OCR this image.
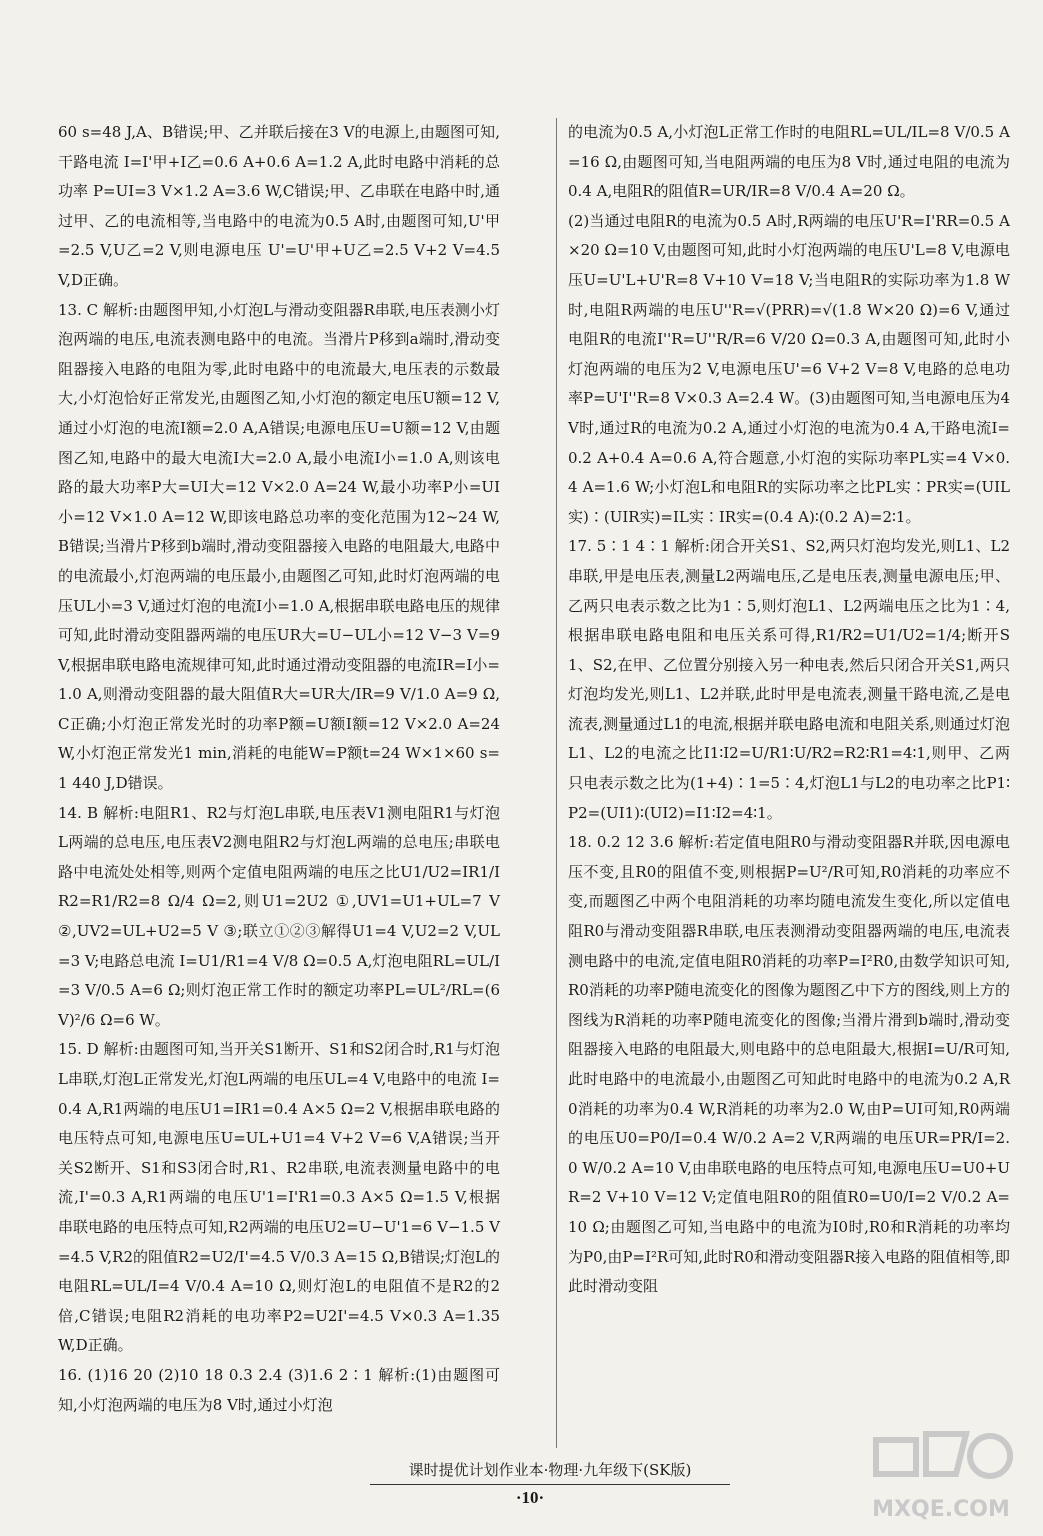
60 s=48 J,A、B错误;甲、乙并联后接在3 V的电源上,由题图可知,干路电流 I=I'甲+I乙=0.6 A+0.6 A=1.2 A,此时电路中消耗的总功率 P=UI=3 V×1.2 A=3.6 W,C错误;甲、乙串联在电路中时,通过甲、乙的电流相等,当电路中的电流为0.5 A时,由题图可知,U'甲=2.5 V,U乙=2 V,则电源电压 U'=U'甲+U乙=2.5 V+2 V=4.5 V,D正确。

13. C 解析:由题图甲知,小灯泡L与滑动变阻器R串联,电压表测小灯泡两端的电压,电流表测电路中的电流。当滑片P移到a端时,滑动变阻器接入电路的电阻为零,此时电路中的电流最大,电压表的示数最大,小灯泡恰好正常发光,由题图乙知,小灯泡的额定电压U额=12 V,通过小灯泡的电流I额=2.0 A,A错误;电源电压U=U额=12 V,由题图乙知,电路中的最大电流I大=2.0 A,最小电流I小=1.0 A,则该电路的最大功率P大=UI大=12 V×2.0 A=24 W,最小功率P小=UI小=12 V×1.0 A=12 W,即该电路总功率的变化范围为12~24 W,B错误;当滑片P移到b端时,滑动变阻器接入电路的电阻最大,电路中的电流最小,灯泡两端的电压最小,由题图乙可知,此时灯泡两端的电压UL小=3 V,通过灯泡的电流I小=1.0 A,根据串联电路电压的规律可知,此时滑动变阻器两端的电压UR大=U−UL小=12 V−3 V=9 V,根据串联电路电流规律可知,此时通过滑动变阻器的电流IR=I小=1.0 A,则滑动变阻器的最大阻值R大=UR大/IR=9 V/1.0 A=9 Ω,C正确;小灯泡正常发光时的功率P额=U额I额=12 V×2.0 A=24 W,小灯泡正常发光1 min,消耗的电能W=P额t=24 W×1×60 s=1 440 J,D错误。

14. B 解析:电阻R1、R2与灯泡L串联,电压表V1测电阻R1与灯泡L两端的总电压,电压表V2测电阻R2与灯泡L两端的总电压;串联电路中电流处处相等,则两个定值电阻两端的电压之比U1/U2=IR1/IR2=R1/R2=8 Ω/4 Ω=2,则U1=2U2 ①,UV1=U1+UL=7 V ②,UV2=UL+U2=5 V ③;联立①②③解得U1=4 V,U2=2 V,UL=3 V;电路总电流 I=U1/R1=4 V/8 Ω=0.5 A,灯泡电阻RL=UL/I=3 V/0.5 A=6 Ω;则灯泡正常工作时的额定功率PL=UL²/RL=(6 V)²/6 Ω=6 W。

15. D 解析:由题图可知,当开关S1断开、S1和S2闭合时,R1与灯泡L串联,灯泡L正常发光,灯泡L两端的电压UL=4 V,电路中的电流 I=0.4 A,R1两端的电压U1=IR1=0.4 A×5 Ω=2 V,根据串联电路的电压特点可知,电源电压U=UL+U1=4 V+2 V=6 V,A错误;当开关S2断开、S1和S3闭合时,R1、R2串联,电流表测量电路中的电流,I'=0.3 A,R1两端的电压U'1=I'R1=0.3 A×5 Ω=1.5 V,根据串联电路的电压特点可知,R2两端的电压U2=U−U'1=6 V−1.5 V=4.5 V,R2的阻值R2=U2/I'=4.5 V/0.3 A=15 Ω,B错误;灯泡L的电阻RL=UL/I=4 V/0.4 A=10 Ω,则灯泡L的电阻值不是R2的2倍,C错误;电阻R2消耗的电功率P2=U2I'=4.5 V×0.3 A=1.35 W,D正确。

16. (1)16 20 (2)10 18 0.3 2.4 (3)1.6 2∶1 解析:(1)由题图可知,小灯泡两端的电压为8 V时,通过小灯泡

的电流为0.5 A,小灯泡L正常工作时的电阻RL=UL/IL=8 V/0.5 A=16 Ω,由题图可知,当电阻两端的电压为8 V时,通过电阻的电流为0.4 A,电阻R的阻值R=UR/IR=8 V/0.4 A=20 Ω。

(2)当通过电阻R的电流为0.5 A时,R两端的电压U'R=I'RR=0.5 A×20 Ω=10 V,由题图可知,此时小灯泡两端的电压U'L=8 V,电源电压U=U'L+U'R=8 V+10 V=18 V;当电阻R的实际功率为1.8 W时,电阻R两端的电压U''R=√(PRR)=√(1.8 W×20 Ω)=6 V,通过电阻R的电流I''R=U''R/R=6 V/20 Ω=0.3 A,由题图可知,此时小灯泡两端的电压为2 V,电源电压U'=6 V+2 V=8 V,电路的总电功率P=U'I''R=8 V×0.3 A=2.4 W。(3)由题图可知,当电源电压为4 V时,通过R的电流为0.2 A,通过小灯泡的电流为0.4 A,干路电流I=0.2 A+0.4 A=0.6 A,符合题意,小灯泡的实际功率PL实=4 V×0.4 A=1.6 W;小灯泡L和电阻R的实际功率之比PL实∶PR实=(UIL实)∶(UIR实)=IL实∶IR实=(0.4 A)∶(0.2 A)=2∶1。

17. 5∶1 4∶1 解析:闭合开关S1、S2,两只灯泡均发光,则L1、L2串联,甲是电压表,测量L2两端电压,乙是电压表,测量电源电压;甲、乙两只电表示数之比为1∶5,则灯泡L1、L2两端电压之比为1∶4,根据串联电路电阻和电压关系可得,R1/R2=U1/U2=1/4;断开S1、S2,在甲、乙位置分别接入另一种电表,然后只闭合开关S1,两只灯泡均发光,则L1、L2并联,此时甲是电流表,测量干路电流,乙是电流表,测量通过L1的电流,根据并联电路电流和电阻关系,则通过灯泡L1、L2的电流之比I1∶I2=U/R1∶U/R2=R2∶R1=4∶1,则甲、乙两只电表示数之比为(1+4)∶1=5∶4,灯泡L1与L2的电功率之比P1∶P2=(UI1)∶(UI2)=I1∶I2=4∶1。

18. 0.2 12 3.6 解析:若定值电阻R0与滑动变阻器R并联,因电源电压不变,且R0的阻值不变,则根据P=U²/R可知,R0消耗的功率应不变,而题图乙中两个电阻消耗的功率均随电流发生变化,所以定值电阻R0与滑动变阻器R串联,电压表测滑动变阻器两端的电压,电流表测电路中的电流,定值电阻R0消耗的功率P=I²R0,由数学知识可知,R0消耗的功率P随电流变化的图像为题图乙中下方的图线,则上方的图线为R消耗的功率P随电流变化的图像;当滑片滑到b端时,滑动变阻器接入电路的电阻最大,则电路中的总电阻最大,根据I=U/R可知,此时电路中的电流最小,由题图乙可知此时电路中的电流为0.2 A,R0消耗的功率为0.4 W,R消耗的功率为2.0 W,由P=UI可知,R0两端的电压U0=P0/I=0.4 W/0.2 A=2 V,R两端的电压UR=PR/I=2.0 W/0.2 A=10 V,由串联电路的电压特点可知,电源电压U=U0+UR=2 V+10 V=12 V;定值电阻R0的阻值R0=U0/I=2 V/0.2 A=10 Ω;由题图乙可知,当电路中的电流为I0时,R0和R消耗的功率均为P0,由P=I²R可知,此时R0和滑动变阻器R接入电路的阻值相等,即此时滑动变阻

课时提优计划作业本·物理·九年级下(SK版)
·10·	MXQE.COM
